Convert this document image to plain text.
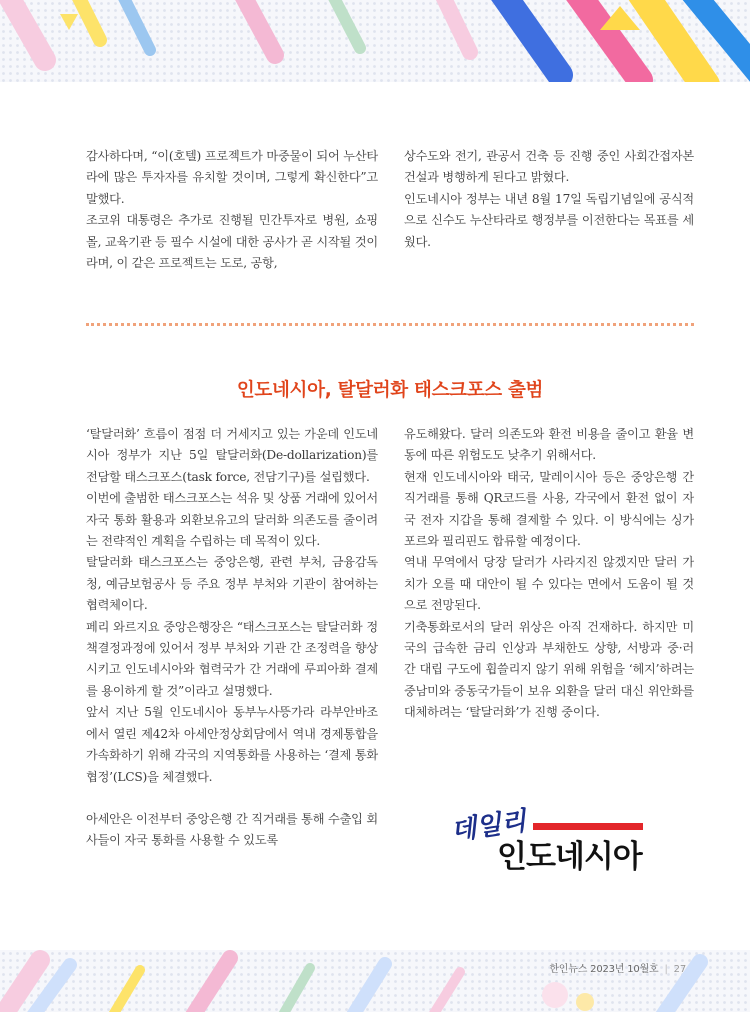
감사하다며, “이(호텔) 프로젝트가 마중물이 되어 누산타라에 많은 투자자를 유치할 것이며, 그렇게 확신한다”고 말했다.

조코위 대통령은 추가로 진행될 민간투자로 병원, 쇼핑몰, 교육기관 등 필수 시설에 대한 공사가 곧 시작될 것이라며, 이 같은 프로젝트는 도로, 공항,

상수도와 전기, 관공서 건축 등 진행 중인 사회간접자본 건설과 병행하게 된다고 밝혔다.

인도네시아 정부는 내년 8월 17일 독립기념일에 공식적으로 신수도 누산타라로 행정부를 이전한다는 목표를 세웠다.

인도네시아, 탈달러화 태스크포스 출범

‘탈달러화’ 흐름이 점점 더 거세지고 있는 가운데 인도네시아 정부가 지난 5일 탈달러화(De-dollarization)를 전담할 태스크포스(task force, 전담기구)를 설립했다.

이번에 출범한 태스크포스는 석유 및 상품 거래에 있어서 자국 통화 활용과 외환보유고의 달러화 의존도를 줄이려는 전략적인 계획을 수립하는 데 목적이 있다.

탈달러화 태스크포스는 중앙은행, 관련 부처, 금융감독청, 예금보험공사 등 주요 정부 부처와 기관이 참여하는 협력체이다.

페리 와르지요 중앙은행장은 “태스크포스는 탈달러화 정책결정과정에 있어서 정부 부처와 기관 간 조정력을 향상시키고 인도네시아와 협력국가 간 거래에 루피아화 결제를 용이하게 할 것”이라고 설명했다.

앞서 지난 5월 인도네시아 동부누사뜽가라 라부안바조에서 열린 제42차 아세안정상회담에서 역내 경제통합을 가속화하기 위해 각국의 지역통화를 사용하는 ‘결제 통화 협정’(LCS)을 체결했다.

아세안은 이전부터 중앙은행 간 직거래를 통해 수출입 회사들이 자국 통화를 사용할 수 있도록

유도해왔다. 달러 의존도와 환전 비용을 줄이고 환율 변동에 따른 위험도도 낮추기 위해서다.

현재 인도네시아와 태국, 말레이시아 등은 중앙은행 간 직거래를 통해 QR코드를 사용, 각국에서 환전 없이 자국 전자 지갑을 통해 결제할 수 있다. 이 방식에는 싱가포르와 필리핀도 합류할 예정이다.

역내 무역에서 당장 달러가 사라지진 않겠지만 달러 가치가 오를 때 대안이 될 수 있다는 면에서 도움이 될 것으로 전망된다.

기축통화로서의 달러 위상은 아직 건재하다. 하지만 미국의 급속한 금리 인상과 부채한도 상향, 서방과 중·러 간 대립 구도에 휩쓸리지 않기 위해 위험을 ‘헤지’하려는 중남미와 중동국가들이 보유 외환을 달러 대신 위안화를 대체하려는 ‘탈달러화’가 진행 중이다.

데일리
인도네시아
한인뉴스 2023년 10월호 | 27
